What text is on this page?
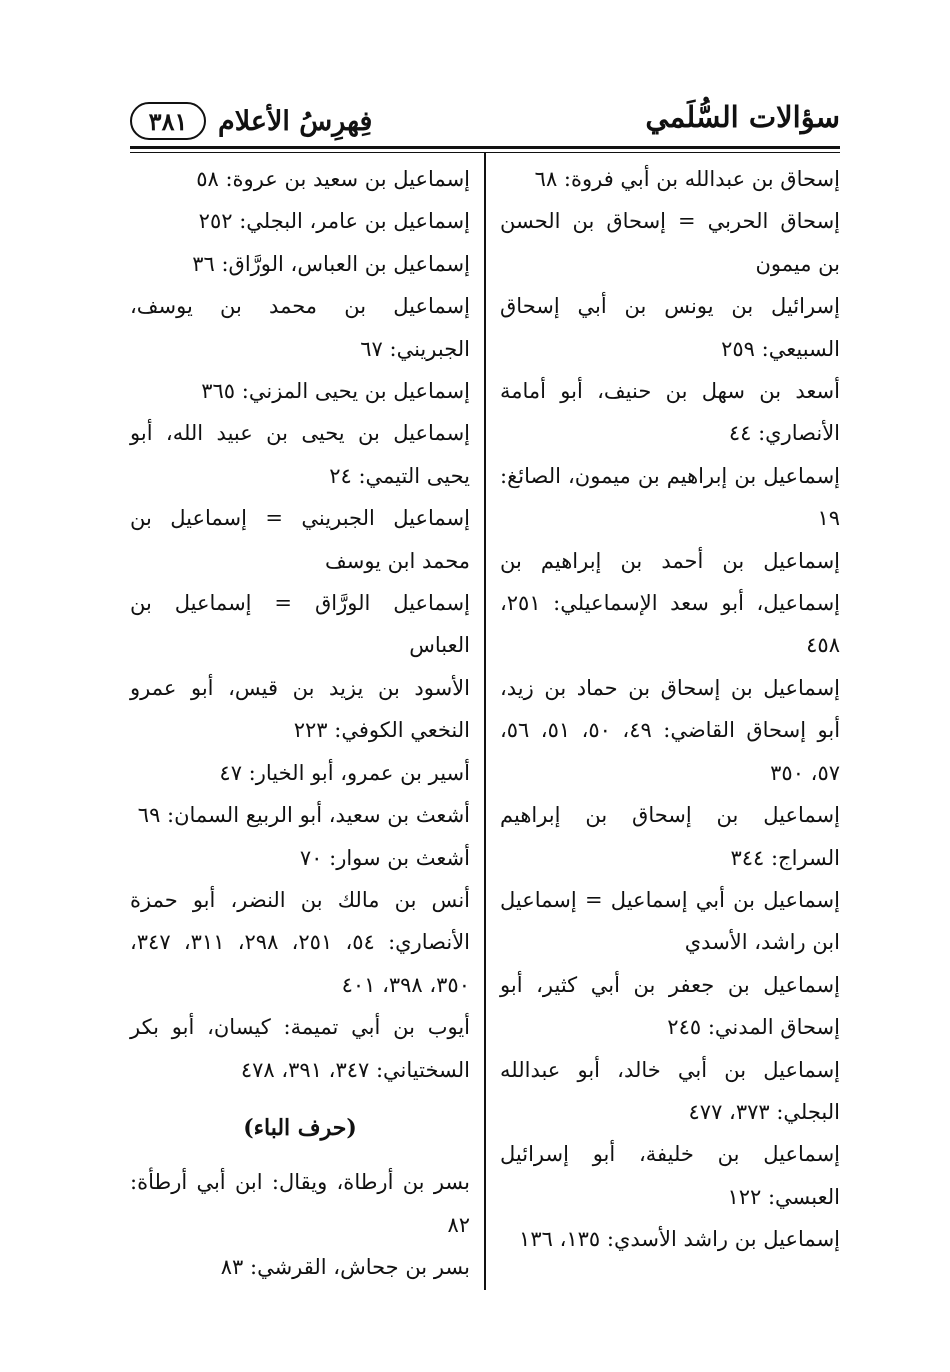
سؤالات السُّلَمي
فِهرِسُ الأعلام
٣٨١

إسحاق بن عبدالله بن أبي فروة: ٦٨

إسحاق الحربي = إسحاق بن الحسن بن ميمون

إسرائيل بن يونس بن أبي إسحاق السبيعي: ٢٥٩

أسعد بن سهل بن حنيف، أبو أمامة الأنصاري: ٤٤

إسماعيل بن إبراهيم بن ميمون، الصائغ: ١٩

إسماعيل بن أحمد بن إبراهيم بن إسماعيل، أبو سعد الإسماعيلي: ٢٥١، ٤٥٨

إسماعيل بن إسحاق بن حماد بن زيد، أبو إسحاق القاضي: ٤٩، ٥٠، ٥١، ٥٦، ٥٧، ٣٥٠

إسماعيل بن إسحاق بن إبراهيم السراج: ٣٤٤

إسماعيل بن أبي إسماعيل = إسماعيل ابن راشد، الأسدي

إسماعيل بن جعفر بن أبي كثير، أبو إسحاق المدني: ٢٤٥

إسماعيل بن أبي خالد، أبو عبدالله البجلي: ٣٧٣، ٤٧٧

إسماعيل بن خليفة، أبو إسرائيل العبسي: ١٢٢

إسماعيل بن راشد الأسدي: ١٣٥، ١٣٦

إسماعيل بن سعيد بن عروة: ٥٨

إسماعيل بن عامر، البجلي: ٢٥٢

إسماعيل بن العباس، الورَّاق: ٣٦

إسماعيل بن محمد بن يوسف، الجبريني: ٦٧

إسماعيل بن يحيى المزني: ٣٦٥

إسماعيل بن يحيى بن عبيد الله، أبو يحيى التيمي: ٢٤

إسماعيل الجبريني = إسماعيل بن محمد ابن يوسف

إسماعيل الورَّاق = إسماعيل بن العباس

الأسود بن يزيد بن قيس، أبو عمرو النخعي الكوفي: ٢٢٣

أسير بن عمرو، أبو الخيار: ٤٧

أشعث بن سعيد، أبو الربيع السمان: ٦٩

أشعث بن سوار: ٧٠

أنس بن مالك بن النضر، أبو حمزة الأنصاري: ٥٤، ٢٥١، ٢٩٨، ٣١١، ٣٤٧، ٣٥٠، ٣٩٨، ٤٠١

أيوب بن أبي تميمة: كيسان، أبو بكر السختياني: ٣٤٧، ٣٩١، ٤٧٨

(حرف الباء)

بسر بن أرطاة، ويقال: ابن أبي أرطأة: ٨٢

بسر بن جحاش، القرشي: ٨٣
